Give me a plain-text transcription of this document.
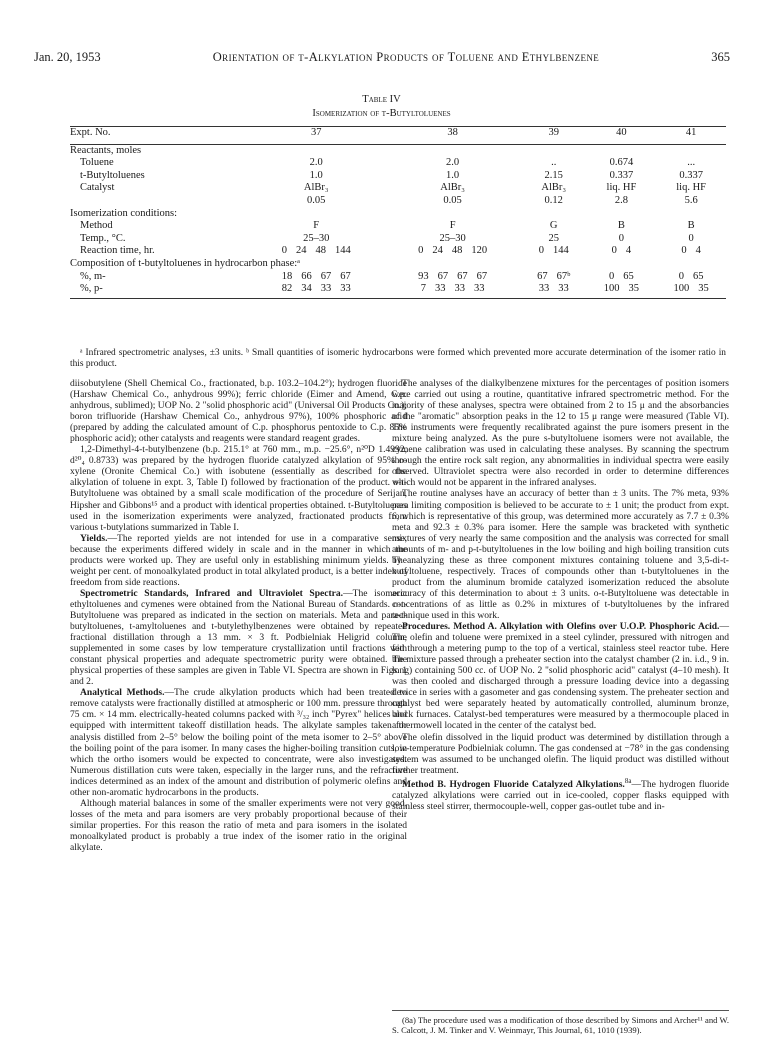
Jan. 20, 1953	Orientation of t-Alkylation Products of Toluene and Ethylbenzene	365
Table IV
Isomerization of t-Butyltoluenes

Expt. No.	37	38	39	40	41

Reactants, moles					
Toluene	2.0	2.0	..	0.674	...
t-Butyltoluenes	1.0	1.0	2.15	0.337	0.337
Catalyst	AlBr₃	AlBr₃	AlBr₃	liq. HF	liq. HF
	0.05	0.05	0.12	2.8	5.6
Isomerization conditions:					
Method	F	F	G	B	B
Temp., °C.	25–30	25–30	25	0	0
Reaction time, hr.	0 24 48 144	0 24 48 120	0 144	0 4	0 4

Composition of t-butyltoluenes in hydrocarbon phase:ᵃ					
%, m-	18 66 67 67	93 67 67 67	67 67ᵇ	0 65	0 65

%, p-	82 34 33 33	7 33 33 33	33 33	100 35	100 35

ᵃ Infrared spectrometric analyses, ±3 units. ᵇ Small quantities of isomeric hydrocarbons were formed which prevented more accurate determination of the isomer ratio in this product.

diisobutylene (Shell Chemical Co., fractionated, b.p. 103.2–104.2°); hydrogen fluoride (Harshaw Chemical Co., anhydrous 99%); ferric chloride (Eimer and Amend, C.p. anhydrous, sublimed); UOP No. 2 "solid phosphoric acid" (Universal Oil Products Co.); boron trifluoride (Harshaw Chemical Co., anhydrous 97%), 100% phosphoric acid (prepared by adding the calculated amount of C.p. phosphorus pentoxide to C.p. 85% phosphoric acid); other catalysts and reagents were standard reagent grades.

1,2-Dimethyl-4-t-butylbenzene (b.p. 215.1° at 760 mm., m.p. −25.6°, n²⁰D 1.4992, d²⁰₄ 0.8733) was prepared by the hydrogen fluoride catalyzed alkylation of 95% o-xylene (Oronite Chemical Co.) with isobutene (essentially as described for the alkylation of toluene in expt. 3, Table I) followed by fractionation of the product. o-t-Butyltoluene was obtained by a small scale modification of the procedure of Serijan, Hipsher and Gibbons¹⁵ and a product with identical properties obtained. t-Butyltoluenes used in the isomerization experiments were analyzed, fractionated products from various t-butylations summarized in Table I.

Yields.—The reported yields are not intended for use in a comparative sense, because the experiments differed widely in scale and in the manner in which the products were worked up. They are useful only in establishing minimum yields. The weight per cent. of monoalkylated product in total alkylated product, is a better index of freedom from side reactions.

Spectrometric Standards, Infrared and Ultraviolet Spectra.—The isomeric ethyltoluenes and cymenes were obtained from the National Bureau of Standards. o-t-Butyltoluene was prepared as indicated in the section on materials. Meta and para-t-butyltoluenes, t-amyltoluenes and t-butylethylbenzenes were obtained by repeated fractional distillation through a 13 mm. × 3 ft. Podbielniak Heligrid column, supplemented in some cases by low temperature crystallization until fractions with constant physical properties and adequate spectrometric purity were obtained. The physical properties of these samples are given in Table VI. Spectra are shown in Figs. 1 and 2.

Analytical Methods.—The crude alkylation products which had been treated to remove catalysts were fractionally distilled at atmospheric or 100 mm. pressure through 75 cm. × 14 mm. electrically-heated columns packed with ³/₃₂ inch "Pyrex" helices and equipped with intermittent takeoff distillation heads. The alkylate samples taken for analysis distilled from 2–5° below the boiling point of the meta isomer to 2–5° above the boiling point of the para isomer. In many cases the higher-boiling transition cuts, in which the ortho isomers would be expected to concentrate, were also investigated. Numerous distillation cuts were taken, especially in the larger runs, and the refractive indices determined as an index of the amount and distribution of polymeric olefins and other non-aromatic hydrocarbons in the products.

Although material balances in some of the smaller experiments were not very good, losses of the meta and para isomers are very probably proportional because of their similar properties. For this reason the ratio of meta and para isomers in the isolated monoalkylated product is probably a true index of the isomer ratio in the original alkylate.

The analyses of the dialkylbenzene mixtures for the percentages of position isomers were carried out using a routine, quantitative infrared spectrometric method. For the majority of these analyses, spectra were obtained from 2 to 15 μ and the absorbancies of the "aromatic" absorption peaks in the 12 to 15 μ range were measured (Table VI). The instruments were frequently recalibrated against the pure isomers present in the mixture being analyzed. As the pure s-butyltoluene isomers were not available, the cymene calibration was used in calculating these analyses. By scanning the spectrum through the entire rock salt region, any abnormalities in individual spectra were easily observed. Ultraviolet spectra were also recorded in order to determine differences which would not be apparent in the infrared analyses.

The routine analyses have an accuracy of better than ± 3 units. The 7% meta, 93% para limiting composition is believed to be accurate to ± 1 unit; the product from expt. 6, which is representative of this group, was determined more accurately as 7.7 ± 0.3% meta and 92.3 ± 0.3% para isomer. Here the sample was bracketed with synthetic mixtures of very nearly the same composition and the analysis was corrected for small amounts of m- and p-t-butyltoluenes in the low boiling and high boiling transition cuts by analyzing these as three component mixtures containing toluene and 3,5-di-t-butyltoluene, respectively. Traces of compounds other than t-butyltoluenes in the product from the aluminum bromide catalyzed isomerization reduced the absolute accuracy of this determination to about ± 3 units. o-t-Butyltoluene was detectable in concentrations of as little as 0.2% in mixtures of t-butyltoluenes by the infrared technique used in this work.

Procedures. Method A. Alkylation with Olefins over U.O.P. Phosphoric Acid.—The olefin and toluene were premixed in a steel cylinder, pressured with nitrogen and fed through a metering pump to the top of a vertical, stainless steel reactor tube. Here the mixture passed through a preheater section into the catalyst chamber (2 in. i.d., 9 in. long) containing 500 cc. of UOP No. 2 "solid phosphoric acid" catalyst (4–10 mesh). It was then cooled and discharged through a pressure loading device into a degassing device in series with a gasometer and gas condensing system. The preheater section and catalyst bed were separately heated by automatically controlled, aluminum bronze, block furnaces. Catalyst-bed temperatures were measured by a thermocouple placed in a thermowell located in the center of the catalyst bed.

The olefin dissolved in the liquid product was determined by distillation through a low-temperature Podbielniak column. The gas condensed at −78° in the gas condensing system was assumed to be unchanged olefin. The liquid product was distilled without further treatment.

Method B. Hydrogen Fluoride Catalyzed Alkylations.$^{8a}$—The hydrogen fluoride catalyzed alkylations were carried out in ice-cooled, copper flasks equipped with stainless steel stirrer, thermocouple-well, copper gas-outlet tube and in-

(8a) The procedure used was a modification of those described by Simons and Archer¹¹ and W. S. Calcott, J. M. Tinker and V. Weinmayr, This Journal, 61, 1010 (1939).
